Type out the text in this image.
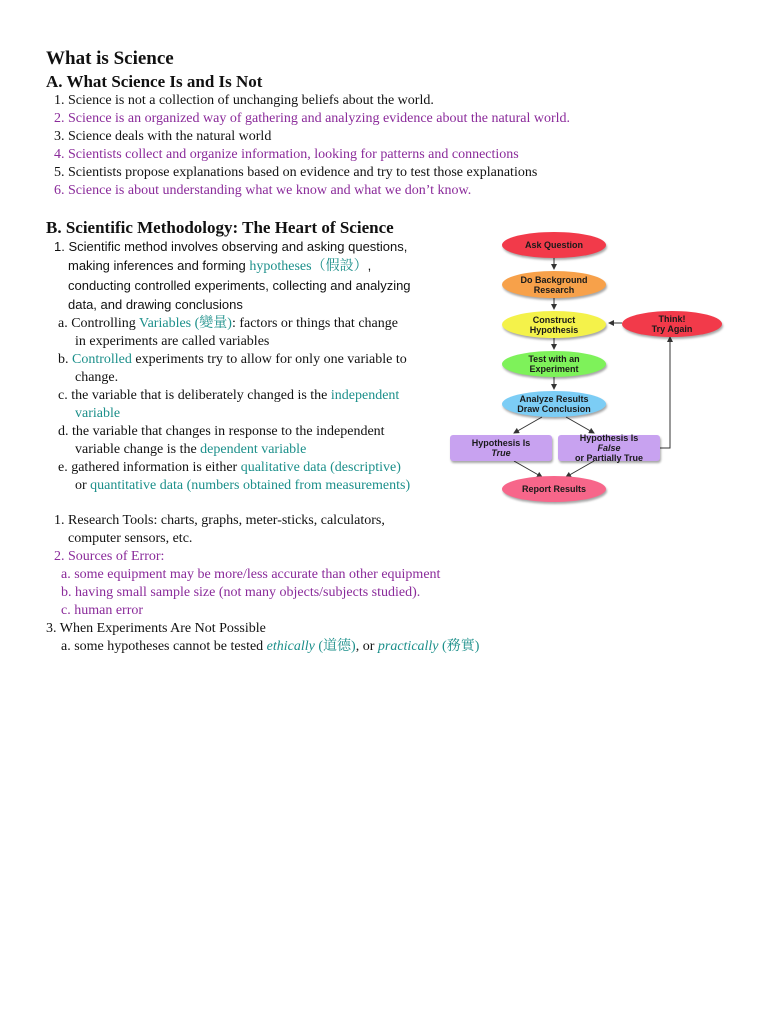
What is Science
A. What Science Is and Is Not
1. Science is not a collection of unchanging beliefs about the world.
2. Science is an organized way of gathering and analyzing evidence about the natural world.
3. Science deals with the natural world
4. Scientists collect and organize information, looking for patterns and connections
5. Scientists propose explanations based on evidence and try to test those explanations
6. Science is about understanding what we know and what we don’t know.
B. Scientific Methodology: The Heart of Science
1. Scientific method involves observing and asking questions,
making inferences and forming hypotheses（假設）,
conducting controlled experiments, collecting and analyzing
data, and drawing conclusions
a. Controlling Variables (變量): factors or things that change
in experiments are called variables
b. Controlled experiments try to allow for only one variable to
change.
c. the variable that is deliberately changed is the independent
variable
d. the variable that changes in response to the independent
variable change is the dependent variable
e. gathered information is either qualitative data (descriptive)
or quantitative data (numbers obtained from measurements)
1. Research Tools: charts, graphs, meter-sticks, calculators,
computer sensors, etc.
2. Sources of Error:
a. some equipment may be more/less accurate than other equipment
b. having small sample size (not many objects/subjects studied).
c. human error
3. When Experiments Are Not Possible
a. some hypotheses cannot be tested ethically (道德), or practically (務實)
Ask Question
Do Background
Research
Construct
Hypothesis
Think!
Try Again
Test with an
Experiment
Analyze Results
Draw Conclusion
Hypothesis Is
True
Hypothesis Is
False
or Partially True
Report Results
